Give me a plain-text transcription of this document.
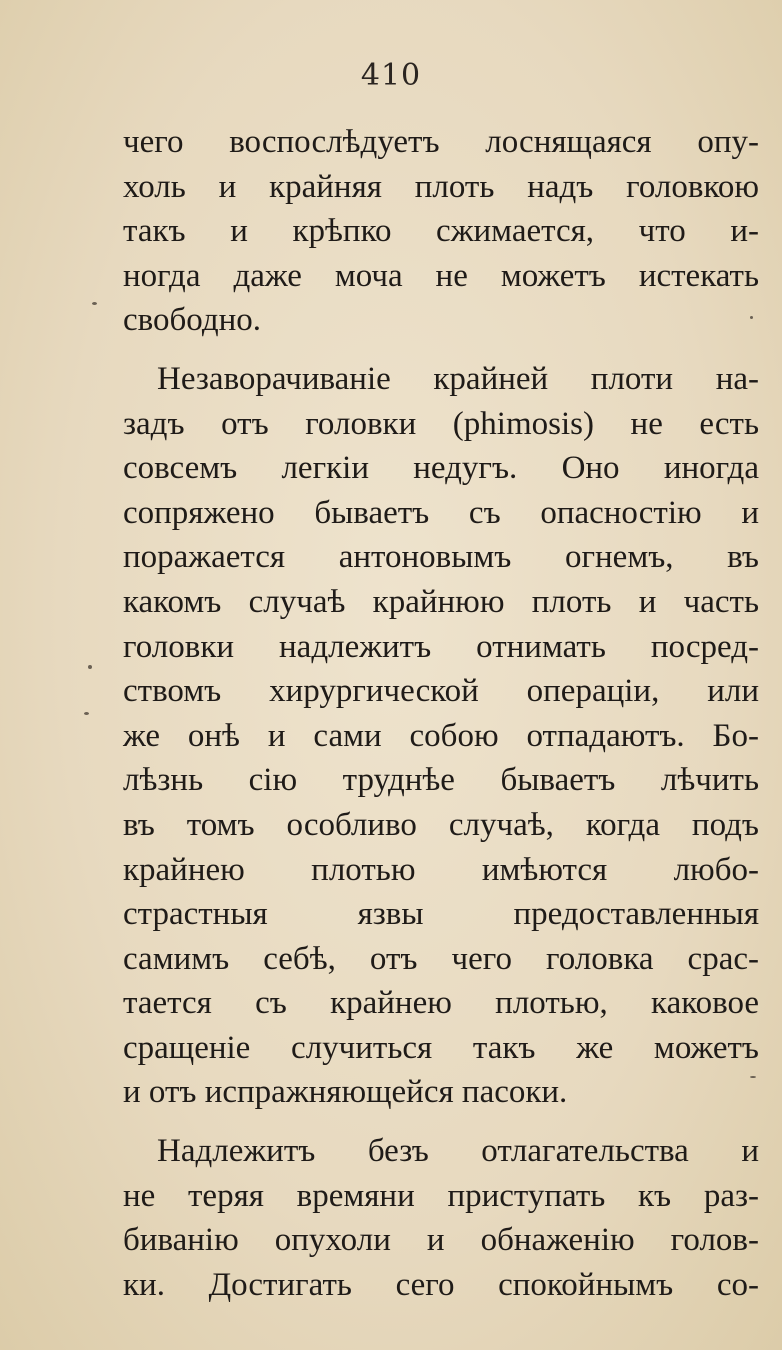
410
чего воспослѣдуетъ лоснящаяся опу-
холь и крайняя плоть надъ головкою
такъ и крѣпко сжимается, что и-
ногда даже моча не можетъ истекать
свободно.
Незаворачиваніе крайней плоти на-
задъ отъ головки (phimosis) не есть
совсемъ легкіи недугъ. Оно иногда
сопряжено бываетъ съ опасностію и
поражается антоновымъ огнемъ, въ
какомъ случаѣ крайнюю плоть и часть
головки надлежитъ отнимать посред-
ствомъ хирургической операціи, или
же онѣ и сами собою отпадаютъ. Бо-
лѣзнь сію труднѣе бываетъ лѣчить
въ томъ особливо случаѣ, когда подъ
крайнею плотью имѣются любо-
страстныя язвы предоставленныя
самимъ себѣ, отъ чего головка срас-
тается съ крайнею плотью, каковое
сращеніе случиться такъ же можетъ
и отъ испражняющейся пасоки.
Надлежитъ безъ отлагательства и
не теряя времяни приступать къ раз-
биванію опухоли и обнаженію голов-
ки. Достигать сего спокойнымъ со-
